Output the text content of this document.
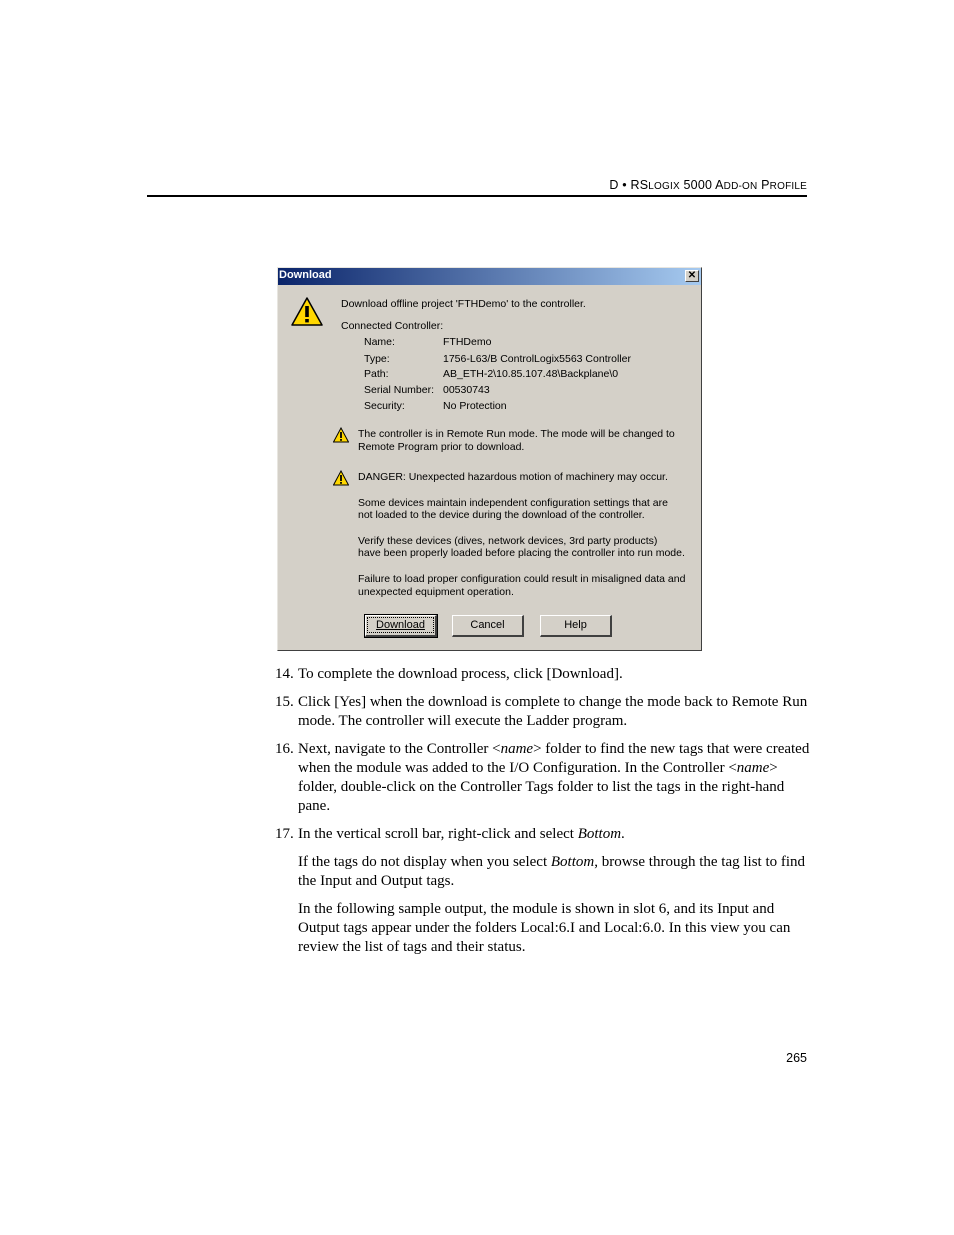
D • RSLOGIX 5000 ADD-ON PROFILE
Download	✕
Download offline project 'FTHDemo' to the controller.
Connected Controller:
Name:	FTHDemo
Type:	1756-L63/B ControlLogix5563 Controller
Path:	AB_ETH-2\10.85.107.48\Backplane\0
Serial Number: 00530743
Security:	No Protection
The controller is in Remote Run mode. The mode will be changed to
Remote Program prior to download.
DANGER: Unexpected hazardous motion of machinery may occur.
Some devices maintain independent configuration settings that are
not loaded to the device during the download of the controller.
Verify these devices (dives, network devices, 3rd party products)
have been properly loaded before placing the controller into run mode.
Failure to load proper configuration could result in misaligned data and
unexpected equipment operation.
Download	Cancel	Help
14. To complete the download process, click [Download].
15. Click [Yes] when the download is complete to change the mode back to Remote Run mode. The controller will execute the Ladder program.
16. Next, navigate to the Controller <name> folder to find the new tags that were created when the module was added to the I/O Configuration. In the Controller <name> folder, double-click on the Controller Tags folder to list the tags in the right-hand pane.
17. In the vertical scroll bar, right-click and select Bottom.
If the tags do not display when you select Bottom, browse through the tag list to find the Input and Output tags.
In the following sample output, the module is shown in slot 6, and its Input and Output tags appear under the folders Local:6.I and Local:6.0. In this view you can review the list of tags and their status.
265
